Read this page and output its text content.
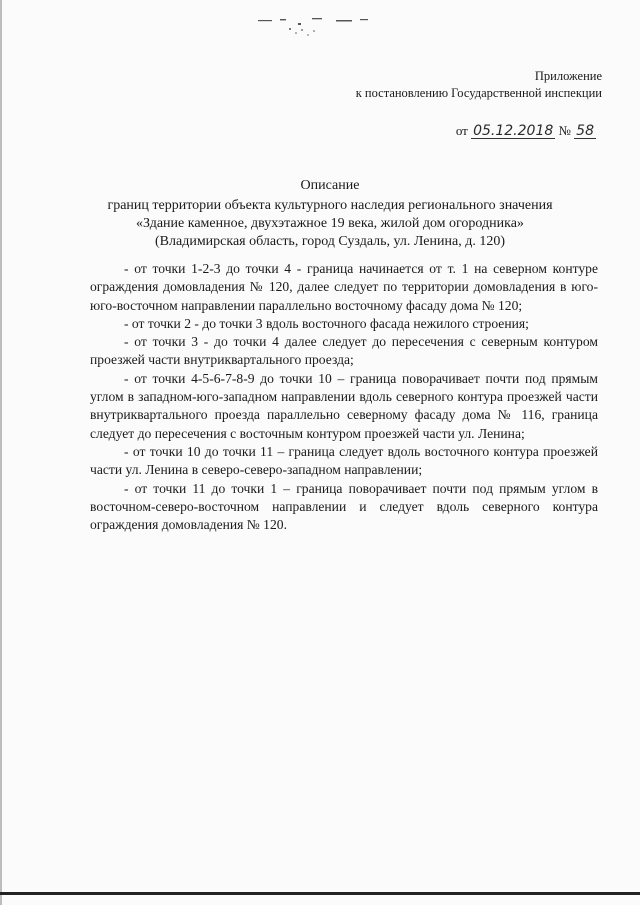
Приложение
к постановлению Государственной инспекции
от 05.12.2018 № 58
Описание
границ территории объекта культурного наследия регионального значения
«Здание каменное, двухэтажное 19 века, жилой дом огородника»
(Владимирская область, город Суздаль, ул. Ленина, д. 120)

- от точки 1-2-3 до точки 4 - граница начинается от т. 1 на северном контуре ограждения домовладения № 120, далее следует по территории домовладения в юго-юго-восточном направлении параллельно восточному фасаду дома № 120;

- от точки 2 - до точки 3 вдоль восточного фасада нежилого строения;

- от точки 3 - до точки 4 далее следует до пересечения с северным контуром проезжей части внутриквартального проезда;

- от точки 4-5-6-7-8-9 до точки 10 – граница поворачивает почти под прямым углом в западном-юго-западном направлении вдоль северного контура проезжей части внутриквартального проезда параллельно северному фасаду дома № 116, граница следует до пересечения с восточным контуром проезжей части ул. Ленина;

- от точки 10 до точки 11 – граница следует вдоль восточного контура проезжей части ул. Ленина в северо-северо-западном направлении;

- от точки 11 до точки 1 – граница поворачивает почти под прямым углом в восточном-северо-восточном направлении и следует вдоль северного контура ограждения домовладения № 120.
